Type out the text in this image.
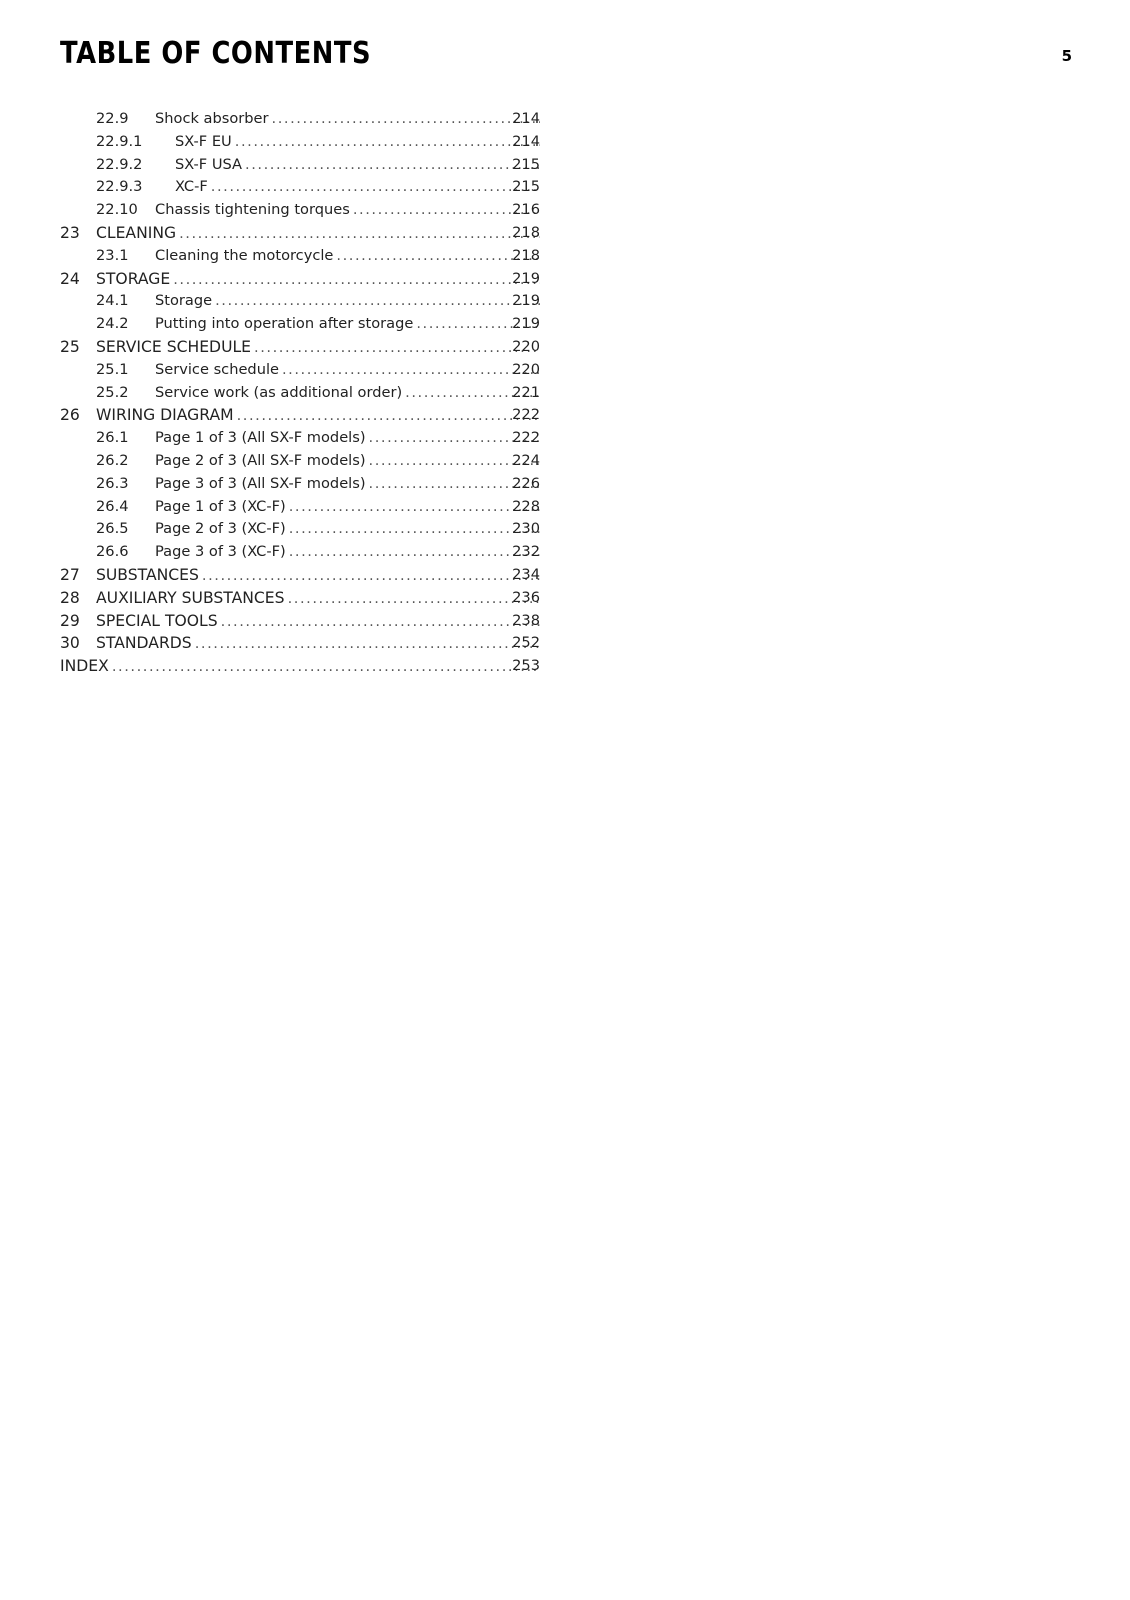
TABLE OF CONTENTS	5
22.9 Shock absorber .....	214
22.9.1 SX-F EU .....	214
22.9.2 SX-F USA .....	215
22.9.3 XC-F .....	215
22.10 Chassis tightening torques .....	216
23 CLEANING .....	218
23.1 Cleaning the motorcycle .....	218
24 STORAGE .....	219
24.1 Storage .....	219
24.2 Putting into operation after storage .....	219
25 SERVICE SCHEDULE .....	220
25.1 Service schedule .....	220
25.2 Service work (as additional order) .....	221
26 WIRING DIAGRAM .....	222
26.1 Page 1 of 3 (All SX-F models) .....	222
26.2 Page 2 of 3 (All SX-F models) .....	224
26.3 Page 3 of 3 (All SX-F models) .....	226
26.4 Page 1 of 3 (XC-F) .....	228
26.5 Page 2 of 3 (XC-F) .....	230
26.6 Page 3 of 3 (XC-F) .....	232
27 SUBSTANCES .....	234
28 AUXILIARY SUBSTANCES .....	236
29 SPECIAL TOOLS .....	238
30 STANDARDS .....	252
INDEX .....	253
